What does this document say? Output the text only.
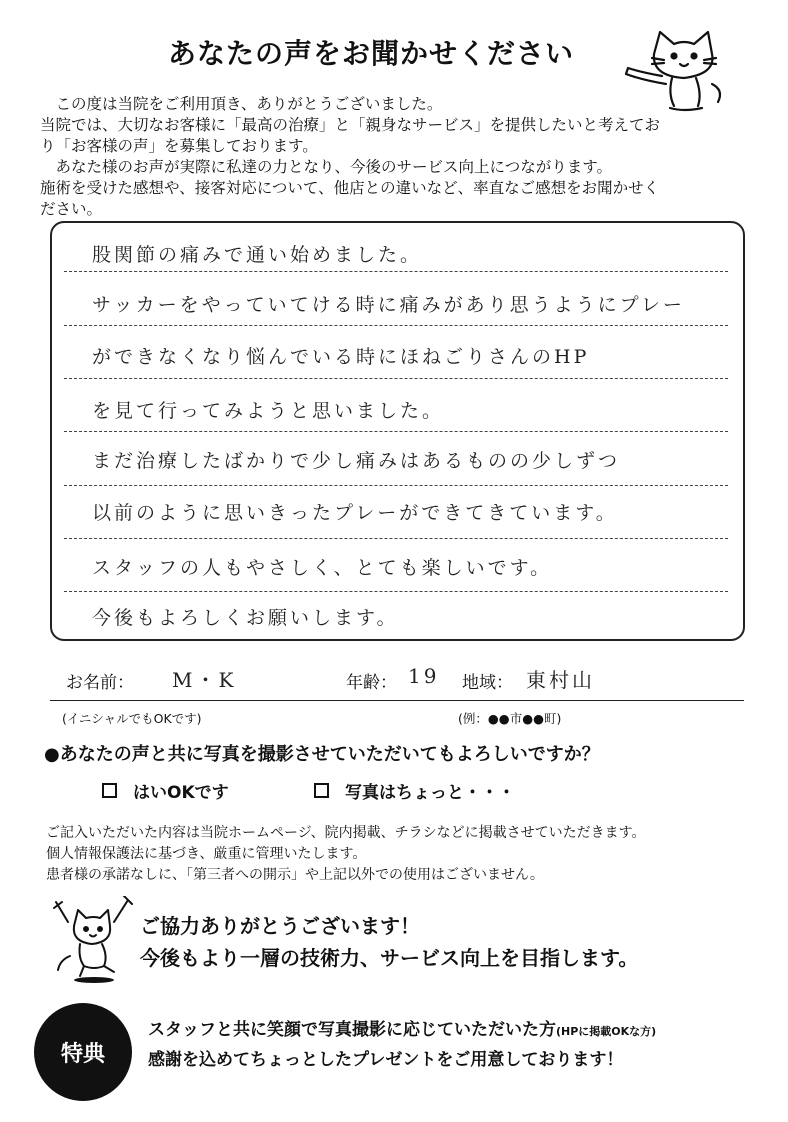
あなたの声をお聞かせください

　この度は当院をご利用頂き、ありがとうございました。

当院では、大切なお客様に「最高の治療」と「親身なサービス」を提供したいと考えてお

り「お客様の声」を募集しております。

　あなた様のお声が実際に私達の力となり、今後のサービス向上につながります。

施術を受けた感想や、接客対応について、他店との違いなど、率直なご感想をお聞かせく

ださい。

股関節の痛みで通い始めました。
サッカーをやっていてける時に痛みがあり思うようにプレー
ができなくなり悩んでいる時にほねごりさんのHP
を見て行ってみようと思いました。
まだ治療したばかりで少し痛みはあるものの少しずつ
以前のように思いきったプレーができてきています。
スタッフの人もやさしく、とても楽しいです。
今後もよろしくお願いします。
お名前： M・K	年齢： 19 地域： 東村山
(イニシャルでもOKです)	(例：●●市●●町)
●あなたの声と共に写真を撮影させていただいてもよろしいですか？
はいOKです	写真はちょっと・・・

ご記入いただいた内容は当院ホームページ、院内掲載、チラシなどに掲載させていただきます。

個人情報保護法に基づき、厳重に管理いたします。

患者様の承諾なしに、「第三者への開示」や上記以外での使用はございません。

ご協力ありがとうございます！

今後もより一層の技術力、サービス向上を目指します。

特典

スタッフと共に笑顔で写真撮影に応じていただいた方(HPに掲載OKな方)

感謝を込めてちょっとしたプレゼントをご用意しております！
